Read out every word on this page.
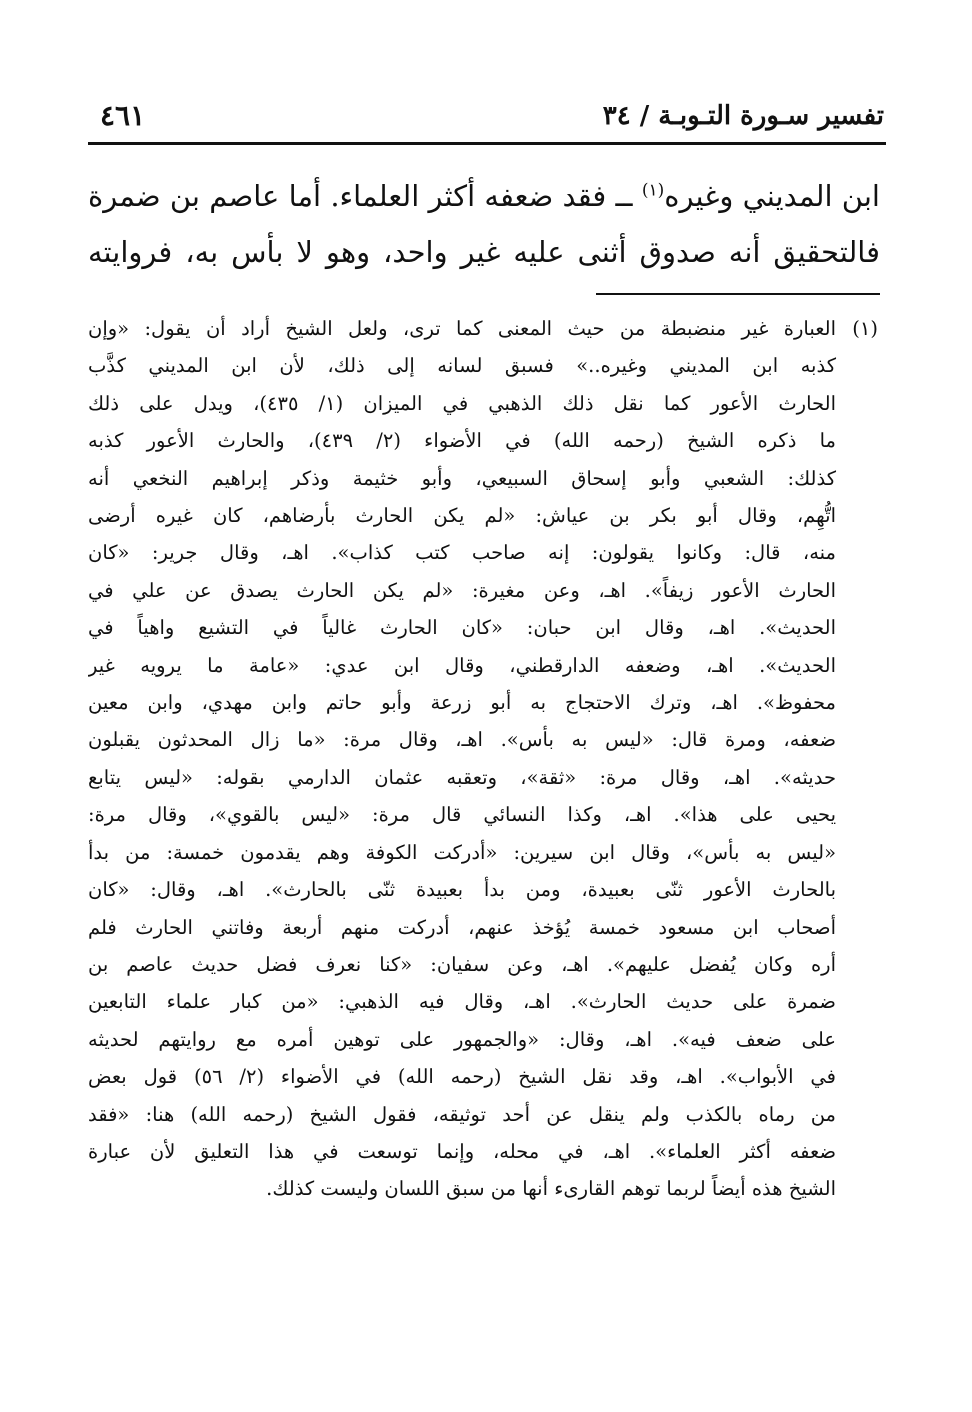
تفسير سـورة التـوبـة / ٣٤
٤٦١
ابن المديني وغيره$^{(١)}$ ــ فقد ضعفه أكثر العلماء. أما عاصم بن ضمرة
فالتحقيق أنه صدوق أثنى عليه غير واحد، وهو لا بأس به، فروايته
(١)
العبارة غير منضبطة من حيث المعنى كما ترى، ولعل الشيخ أراد أن يقول: «وإن
كذبه ابن المديني وغيره..» فسبق لسانه إلى ذلك، لأن ابن المديني كذَّب
الحارث الأعور كما نقل ذلك الذهبي في الميزان (١/ ٤٣٥)، ويدل على ذلك
ما ذكره الشيخ (رحمه الله) في الأضواء (٢/ ٤٣٩)، والحارث الأعور كذبه
كذلك: الشعبي وأبو إسحاق السبيعي، وأبو خثيمة وذكر إبراهيم النخعي أنه
اتُّهِم، وقال أبو بكر بن عياش: «لم يكن الحارث بأرضاهم، كان غيره أرضى
منه، قال: وكانوا يقولون: إنه صاحب كتب كذاب». اهـ، وقال جرير: «كان
الحارث الأعور زيفاً». اهـ، وعن مغيرة: «لم يكن الحارث يصدق عن علي في
الحديث». اهـ، وقال ابن حبان: «كان الحارث غالياً في التشيع واهياً في
الحديث». اهـ، وضعفه الدارقطني، وقال ابن عدي: «عامة ما يرويه غير
محفوظ». اهـ، وترك الاحتجاج به أبو زرعة وأبو حاتم وابن مهدي، وابن معين
ضعفه، ومرة قال: «ليس به بأس». اهـ، وقال مرة: «ما زال المحدثون يقبلون
حديثه». اهـ، وقال مرة: «ثقة»، وتعقبه عثمان الدارمي بقوله: «ليس يتابع
يحيى على هذا». اهـ، وكذا النسائي قال مرة: «ليس بالقوي»، وقال مرة:
«ليس به بأس»، وقال ابن سيرين: «أدركت الكوفة وهم يقدمون خمسة: من بدأ
بالحارث الأعور ثنّى بعبيدة، ومن بدأ بعبيدة ثنّى بالحارث». اهـ، وقال: «كان
أصحاب ابن مسعود خمسة يُؤخذ عنهم، أدركت منهم أربعة وفاتني الحارث فلم
أره وكان يُفضل عليهم». اهـ، وعن سفيان: «كنا نعرف فضل حديث عاصم بن
ضمرة على حديث الحارث». اهـ، وقال فيه الذهبي: «من كبار علماء التابعين
على ضعف فيه». اهـ، وقال: «والجمهور على توهين أمره مع روايتهم لحديثه
في الأبواب». اهـ، وقد نقل الشيخ (رحمه الله) في الأضواء (٢/ ٥٦) قول بعض
من رماه بالكذب ولم ينقل عن أحد توثيقه، فقول الشيخ (رحمه الله) هنا: «فقد
ضعفه أكثر العلماء». اهـ، في محله، وإنما توسعت في هذا التعليق لأن عبارة
الشيخ هذه أيضاً لربما توهم القارىء أنها من سبق اللسان وليست كذلك.
